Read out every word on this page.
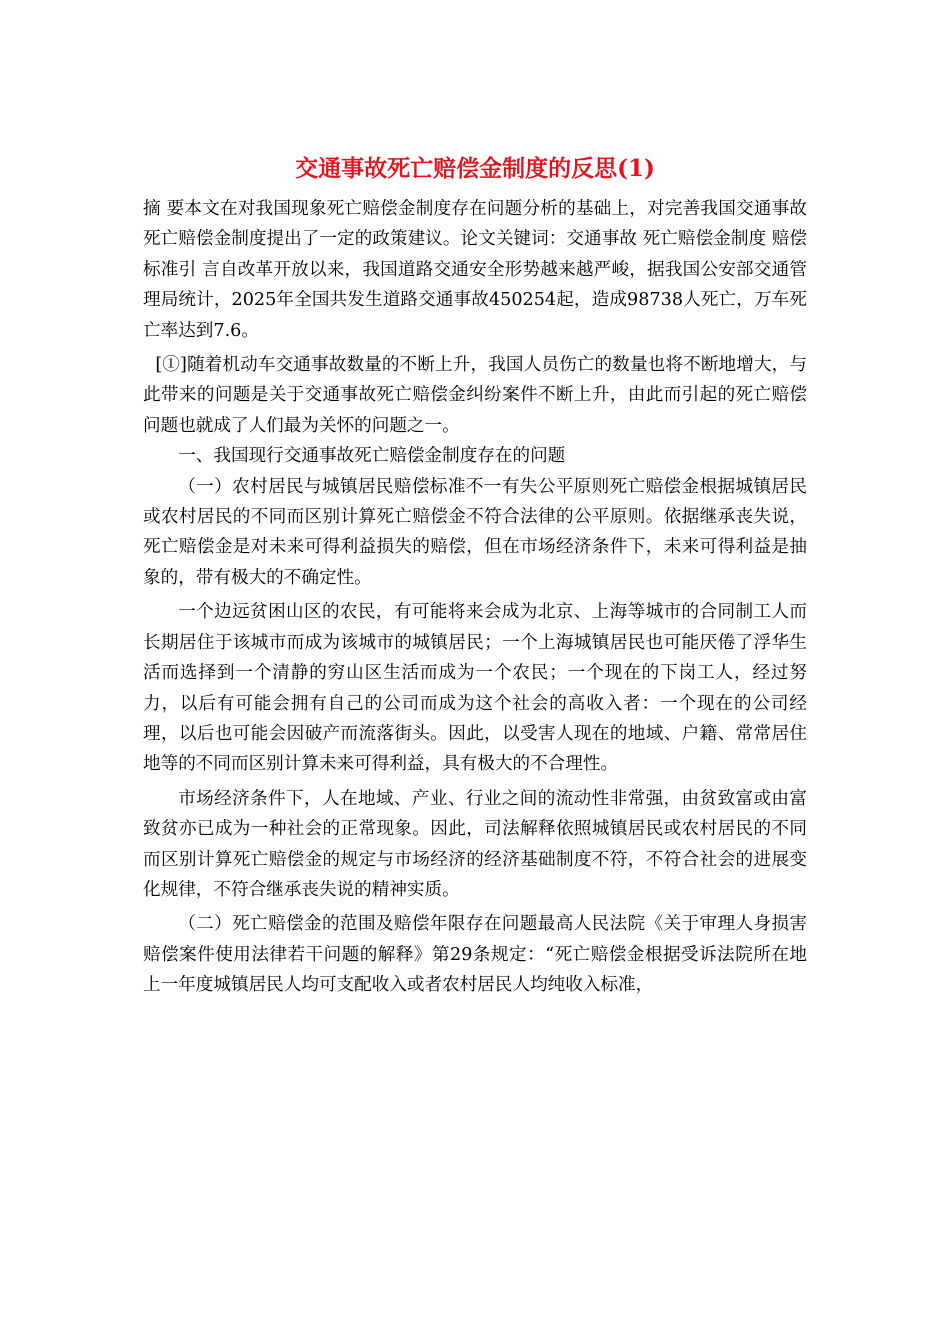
交通事故死亡赔偿金制度的反思(1)

摘 要本文在对我国现象死亡赔偿金制度存在问题分析的基础上，对完善我国交通事故死亡赔偿金制度提出了一定的政策建议。论文关键词：交通事故 死亡赔偿金制度 赔偿标准引 言自改革开放以来，我国道路交通安全形势越来越严峻，据我国公安部交通管理局统计，2025年全国共发生道路交通事故450254起，造成98738人死亡，万车死亡率达到7.6。

[①]随着机动车交通事故数量的不断上升，我国人员伤亡的数量也将不断地增大，与此带来的问题是关于交通事故死亡赔偿金纠纷案件不断上升，由此而引起的死亡赔偿问题也就成了人们最为关怀的问题之一。

一、我国现行交通事故死亡赔偿金制度存在的问题

（一）农村居民与城镇居民赔偿标准不一有失公平原则死亡赔偿金根据城镇居民或农村居民的不同而区别计算死亡赔偿金不符合法律的公平原则。依据继承丧失说，死亡赔偿金是对未来可得利益损失的赔偿，但在市场经济条件下，未来可得利益是抽象的，带有极大的不确定性。

一个边远贫困山区的农民，有可能将来会成为北京、上海等城市的合同制工人而长期居住于该城市而成为该城市的城镇居民；一个上海城镇居民也可能厌倦了浮华生活而选择到一个清静的穷山区生活而成为一个农民；一个现在的下岗工人，经过努力，以后有可能会拥有自己的公司而成为这个社会的高收入者：一个现在的公司经理，以后也可能会因破产而流落街头。因此，以受害人现在的地域、户籍、常常居住地等的不同而区别计算未来可得利益，具有极大的不合理性。

市场经济条件下，人在地域、产业、行业之间的流动性非常强，由贫致富或由富致贫亦已成为一种社会的正常现象。因此，司法解释依照城镇居民或农村居民的不同而区别计算死亡赔偿金的规定与市场经济的经济基础制度不符，不符合社会的进展变化规律，不符合继承丧失说的精神实质。

（二）死亡赔偿金的范围及赔偿年限存在问题最高人民法院《关于审理人身损害赔偿案件使用法律若干问题的解释》第29条规定：“死亡赔偿金根据受诉法院所在地上一年度城镇居民人均可支配收入或者农村居民人均纯收入标准，
